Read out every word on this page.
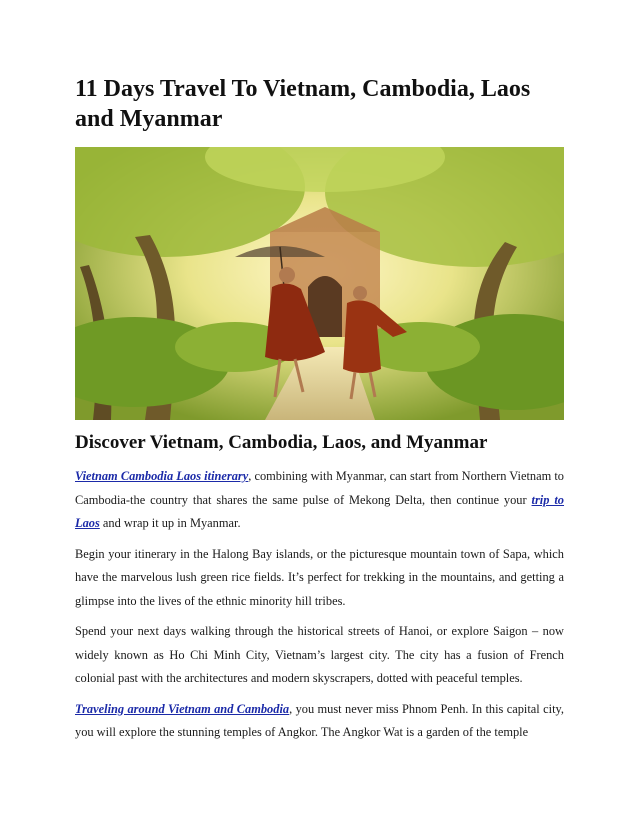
11 Days Travel To Vietnam, Cambodia, Laos and Myanmar
Discover Vietnam, Cambodia, Laos, and Myanmar

Vietnam Cambodia Laos itinerary, combining with Myanmar, can start from Northern Vietnam to Cambodia-the country that shares the same pulse of Mekong Delta, then continue your trip to Laos and wrap it up in Myanmar.

Begin your itinerary in the Halong Bay islands, or the picturesque mountain town of Sapa, which have the marvelous lush green rice fields. It’s perfect for trekking in the mountains, and getting a glimpse into the lives of the ethnic minority hill tribes.

Spend your next days walking through the historical streets of Hanoi, or explore Saigon – now widely known as Ho Chi Minh City, Vietnam’s largest city. The city has a fusion of French colonial past with the architectures and modern skyscrapers, dotted with peaceful temples.

Traveling around Vietnam and Cambodia, you must never miss Phnom Penh. In this capital city, you will explore the stunning temples of Angkor. The Angkor Wat is a garden of the temple
